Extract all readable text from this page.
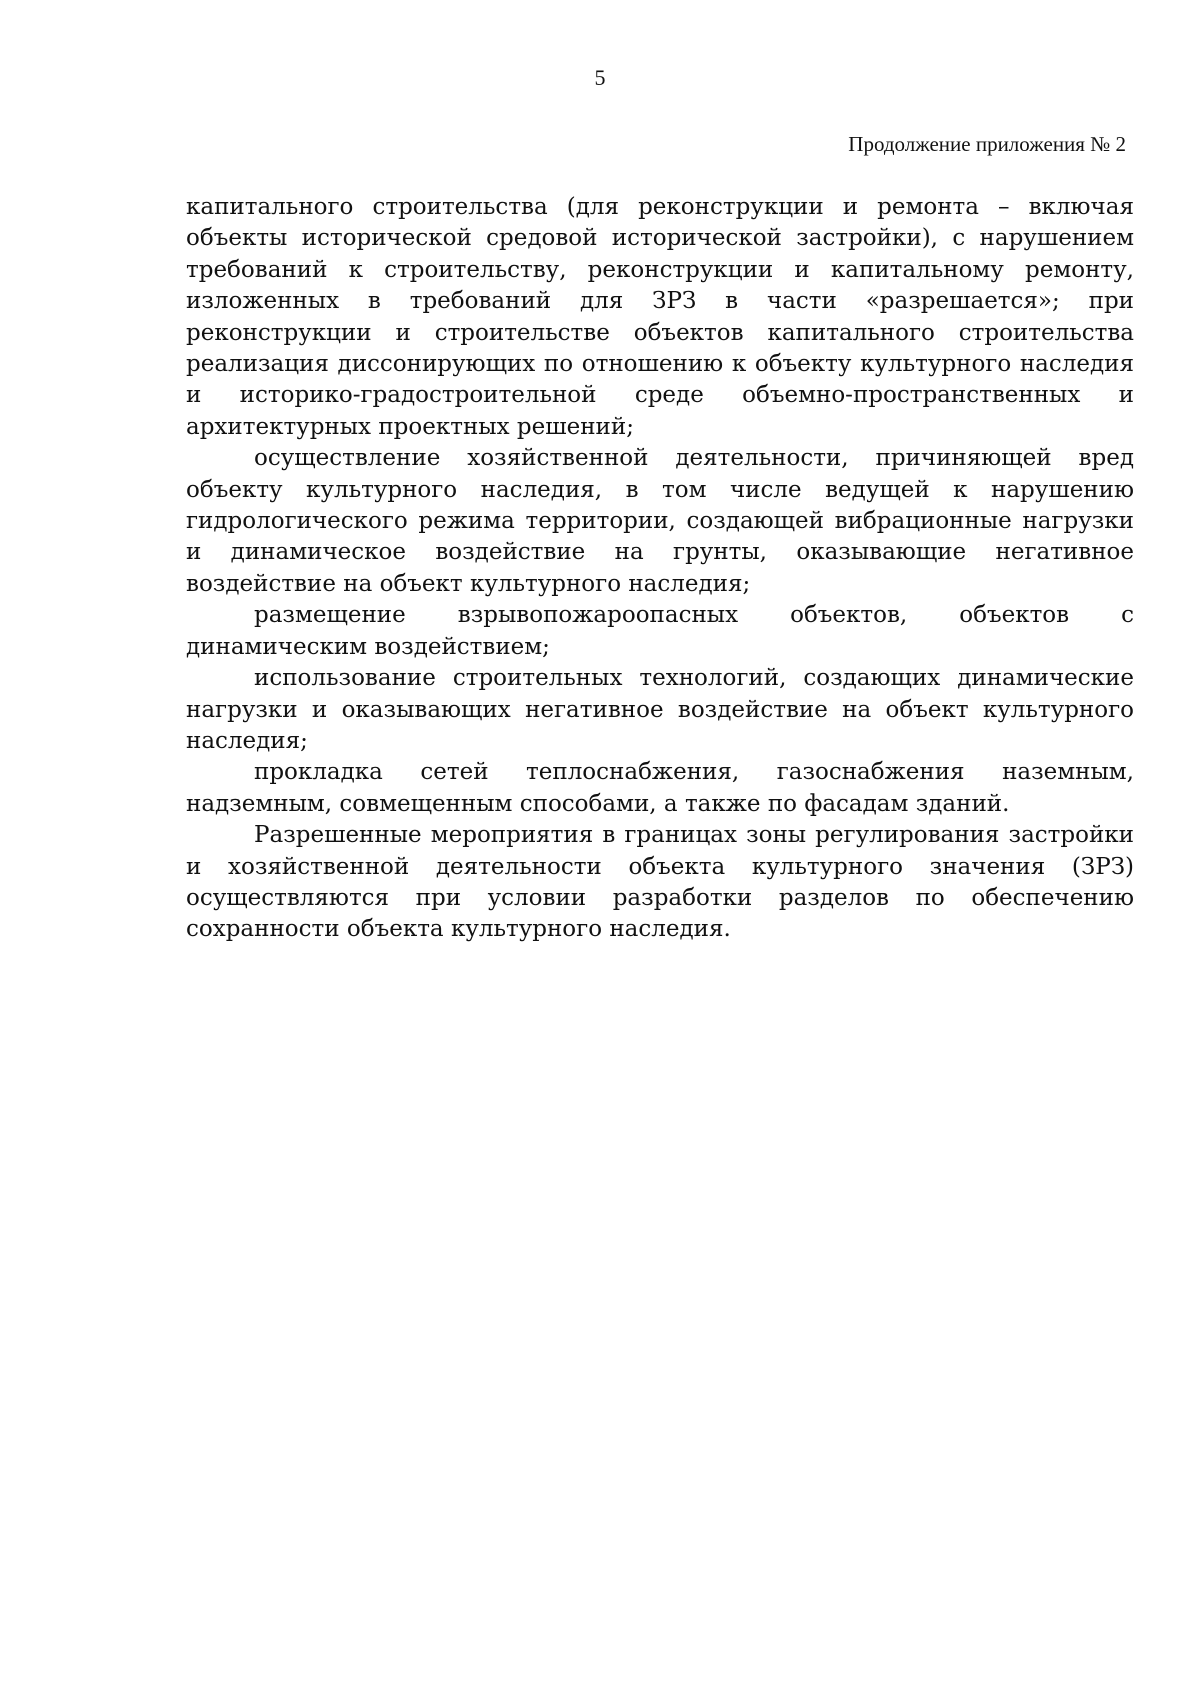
5
Продолжение приложения № 2

капитального строительства (для реконструкции и ремонта – включая объекты исторической средовой исторической застройки), с нарушением требований к строительству, реконструкции и капитальному ремонту, изложенных в требований для ЗРЗ в части «разрешается»; при реконструкции и строительстве объектов капитального строительства реализация диссонирующих по отношению к объекту культурного наследия и историко-градостроительной среде объемно-пространственных и архитектурных проектных решений;

осуществление хозяйственной деятельности, причиняющей вред объекту культурного наследия, в том числе ведущей к нарушению гидрологического режима территории, создающей вибрационные нагрузки и динамическое воздействие на грунты, оказывающие негативное воздействие на объект культурного наследия;

размещение взрывопожароопасных объектов, объектов с динамическим воздействием;

использование строительных технологий, создающих динамические нагрузки и оказывающих негативное воздействие на объект культурного наследия;

прокладка сетей теплоснабжения, газоснабжения наземным, надземным, совмещенным способами, а также по фасадам зданий.

Разрешенные мероприятия в границах зоны регулирования застройки и хозяйственной деятельности объекта культурного значения (ЗРЗ) осуществляются при условии разработки разделов по обеспечению сохранности объекта культурного наследия.
